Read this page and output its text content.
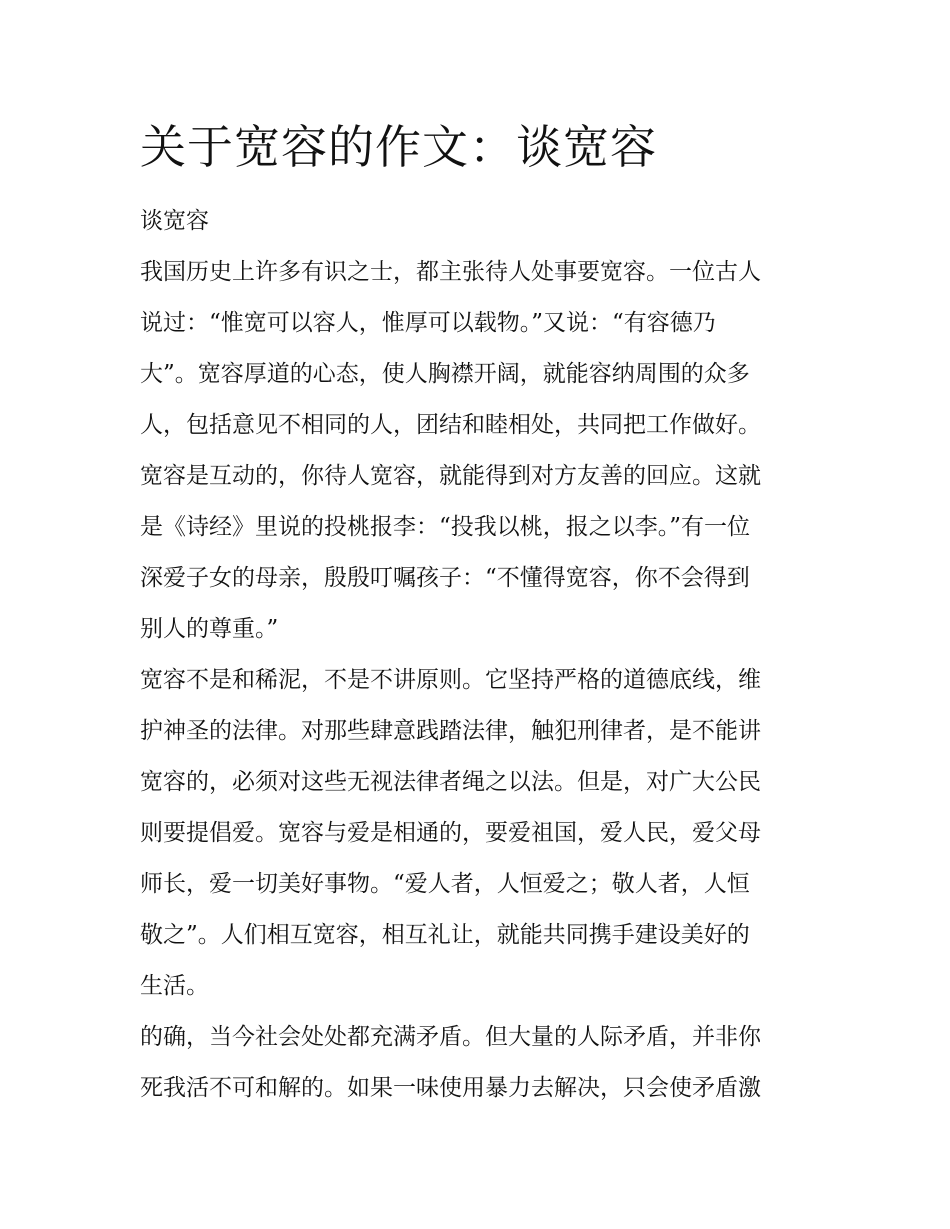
关于宽容的作文：谈宽容

谈宽容

我国历史上许多有识之士，都主张待人处事要宽容。一位古人

说过：“惟宽可以容人，惟厚可以载物。”又说：“有容德乃

大”。宽容厚道的心态，使人胸襟开阔，就能容纳周围的众多

人，包括意见不相同的人，团结和睦相处，共同把工作做好。

宽容是互动的，你待人宽容，就能得到对方友善的回应。这就

是《诗经》里说的投桃报李：“投我以桃，报之以李。”有一位

深爱子女的母亲，殷殷叮嘱孩子：“不懂得宽容，你不会得到

别人的尊重。”

宽容不是和稀泥，不是不讲原则。它坚持严格的道德底线，维

护神圣的法律。对那些肆意践踏法律，触犯刑律者，是不能讲

宽容的，必须对这些无视法律者绳之以法。但是，对广大公民

则要提倡爱。宽容与爱是相通的，要爱祖国，爱人民，爱父母

师长，爱一切美好事物。“爱人者，人恒爱之；敬人者，人恒

敬之”。人们相互宽容，相互礼让，就能共同携手建设美好的

生活。

的确，当今社会处处都充满矛盾。但大量的人际矛盾，并非你

死我活不可和解的。如果一味使用暴力去解决，只会使矛盾激
